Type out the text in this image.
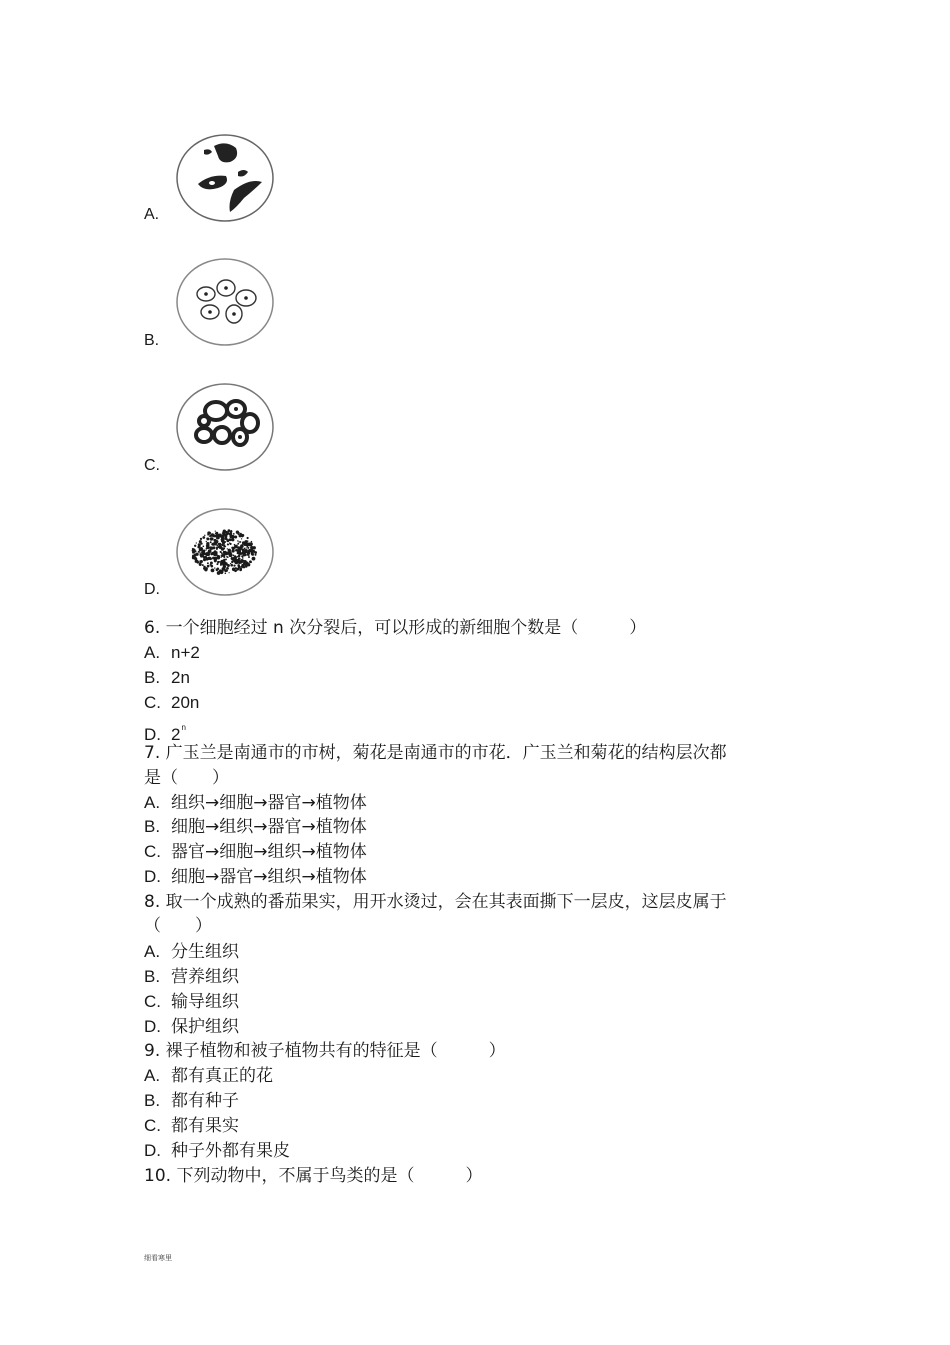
A.
B.
C.
D.
6. 一个细胞经过 n 次分裂后，可以形成的新细胞个数是（　　　）
A. n+2
B. 2n
C. 20n
D. 2$^n$
7. 广玉兰是南通市的市树，菊花是南通市的市花．广玉兰和菊花的结构层次都
是（　　）
A. 组织→细胞→器官→植物体
B. 细胞→组织→器官→植物体
C. 器官→细胞→组织→植物体
D. 细胞→器官→组织→植物体
8. 取一个成熟的番茄果实，用开水烫过，会在其表面撕下一层皮，这层皮属于
（　　）
A. 分生组织
B. 营养组织
C. 输导组织
D. 保护组织
9. 裸子植物和被子植物共有的特征是（　　　）
A. 都有真正的花
B. 都有种子
C. 都有果实
D. 种子外都有果皮
10. 下列动物中，不属于鸟类的是（　　　）
细看寒里
